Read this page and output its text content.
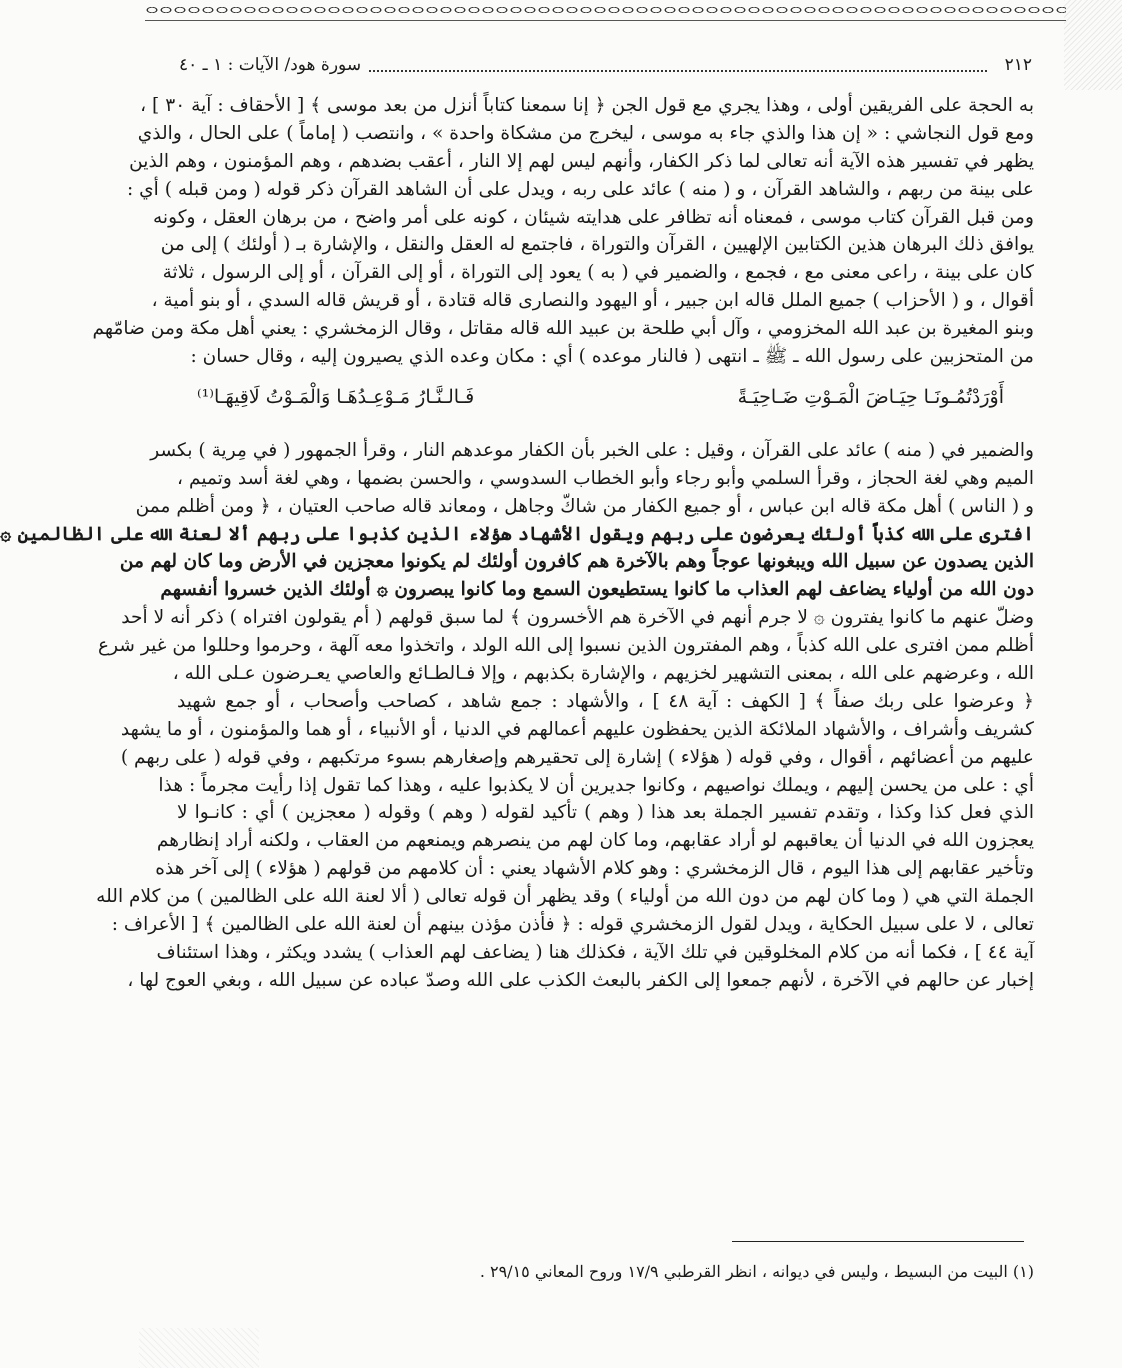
٢١٢
سورة هود/ الآيات : ١ ـ ٤٠
به الحجة على الفريقين أولى ، وهذا يجري مع قول الجن ﴿ إنا سمعنا كتاباً أنزل من بعد موسى ﴾ [ الأحقاف : آية ٣٠ ] ،
ومع قول النجاشي : « إن هذا والذي جاء به موسى ، ليخرج من مشكاة واحدة » ، وانتصب ( إماماً ) على الحال ، والذي
يظهر في تفسير هذه الآية أنه تعالى لما ذكر الكفار، وأنهم ليس لهم إلا النار ، أعقب بضدهم ، وهم المؤمنون ، وهم الذين
على بينة من ربهم ، والشاهد القرآن ، و ( منه ) عائد على ربه ، ويدل على أن الشاهد القرآن ذكر قوله ( ومن قبله ) أي :
ومن قبل القرآن كتاب موسى ، فمعناه أنه تظافر على هدايته شيئان ، كونه على أمر واضح ، من برهان العقل ، وكونه
يوافق ذلك البرهان هذين الكتابين الإلهيين ، القرآن والتوراة ، فاجتمع له العقل والنقل ، والإشارة بـ ( أولئك ) إلى من
كان على بينة ، راعى معنى مع ، فجمع ، والضمير في ( به ) يعود إلى التوراة ، أو إلى القرآن ، أو إلى الرسول ، ثلاثة
أقوال ، و ( الأحزاب ) جميع الملل قاله ابن جبير ، أو اليهود والنصارى قاله قتادة ، أو قريش قاله السدي ، أو بنو أمية ،
وبنو المغيرة بن عبد الله المخزومي ، وآل أبي طلحة بن عبيد الله قاله مقاتل ، وقال الزمخشري : يعني أهل مكة ومن ضامّهم
من المتحزبين على رسول الله ـ ﷺ ـ انتهى ( فالنار موعده ) أي : مكان وعده الذي يصيرون إليه ، وقال حسان :
أَوْرَدْتُمُـونَـا حِيَـاضَ الْمَـوْتِ ضَـاحِيَـةً
فَـالـنَّـارُ مَـوْعِـدُهَـا وَالْمَـوْتُ لَاقِيهَـا⁽¹⁾
والضمير في ( منه ) عائد على القرآن ، وقيل : على الخبر بأن الكفار موعدهم النار ، وقرأ الجمهور ( في مِرية ) بكسر
الميم وهي لغة الحجاز ، وقرأ السلمي وأبو رجاء وأبو الخطاب السدوسي ، والحسن بضمها ، وهي لغة أسد وتميم ،
و ( الناس ) أهل مكة قاله ابن عباس ، أو جميع الكفار من شاكّ وجاهل ، ومعاند قاله صاحب العتيان ، ﴿ ومن أظلم ممن
افترى على الله كذباً أولئك يعرضون على ربهم ويقول الأشهاد هؤلاء الذين كذبوا على ربهم ألا لعنة الله على الظالمين ۞
الذين يصدون عن سبيل الله ويبغونها عوجاً وهم بالآخرة هم كافرون أولئك لم يكونوا معجزين في الأرض وما كان لهم من
دون الله من أولياء يضاعف لهم العذاب ما كانوا يستطيعون السمع وما كانوا يبصرون ۞ أولئك الذين خسروا أنفسهم
وضلّ عنهم ما كانوا يفترون ۞ لا جرم أنهم في الآخرة هم الأخسرون ﴾ لما سبق قولهم ( أم يقولون افتراه ) ذكر أنه لا أحد
أظلم ممن افترى على الله كذباً ، وهم المفترون الذين نسبوا إلى الله الولد ، واتخذوا معه آلهة ، وحرموا وحللوا من غير شرع
الله ، وعرضهم على الله ، بمعنى التشهير لخزيهم ، والإشارة بكذبهم ، وإلا فـالطـائع والعاصي يعـرضون عـلى الله ،
﴿ وعرضوا على ربك صفاً ﴾ [ الكهف : آية ٤٨ ] ، والأشهاد : جمع شاهد ، كصاحب وأصحاب ، أو جمع شهيد
كشريف وأشراف ، والأشهاد الملائكة الذين يحفظون عليهم أعمالهم في الدنيا ، أو الأنبياء ، أو هما والمؤمنون ، أو ما يشهد
عليهم من أعضائهم ، أقوال ، وفي قوله ( هؤلاء ) إشارة إلى تحقيرهم وإصغارهم بسوء مرتكبهم ، وفي قوله ( على ربهم )
أي : على من يحسن إليهم ، ويملك نواصيهم ، وكانوا جديرين أن لا يكذبوا عليه ، وهذا كما تقول إذا رأيت مجرماً : هذا
الذي فعل كذا وكذا ، وتقدم تفسير الجملة بعد هذا ( وهم ) تأكيد لقوله ( وهم ) وقوله ( معجزين ) أي : كانـوا لا
يعجزون الله في الدنيا أن يعاقبهم لو أراد عقابهم، وما كان لهم من ينصرهم ويمنعهم من العقاب ، ولكنه أراد إنظارهم
وتأخير عقابهم إلى هذا اليوم ، قال الزمخشري : وهو كلام الأشهاد يعني : أن كلامهم من قولهم ( هؤلاء ) إلى آخر هذه
الجملة التي هي ( وما كان لهم من دون الله من أولياء ) وقد يظهر أن قوله تعالى ( ألا لعنة الله على الظالمين ) من كلام الله
تعالى ، لا على سبيل الحكاية ، ويدل لقول الزمخشري قوله : ﴿ فأذن مؤذن بينهم أن لعنة الله على الظالمين ﴾ [ الأعراف :
آية ٤٤ ] ، فكما أنه من كلام المخلوقين في تلك الآية ، فكذلك هنا ( يضاعف لهم العذاب ) يشدد ويكثر ، وهذا استئناف
إخبار عن حالهم في الآخرة ، لأنهم جمعوا إلى الكفر بالبعث الكذب على الله وصدّ عباده عن سبيل الله ، وبغي العوج لها ،
(١) البيت من البسيط ، وليس في ديوانه ، انظر القرطبي ١٧/٩ وروح المعاني ٢٩/١٥ .
